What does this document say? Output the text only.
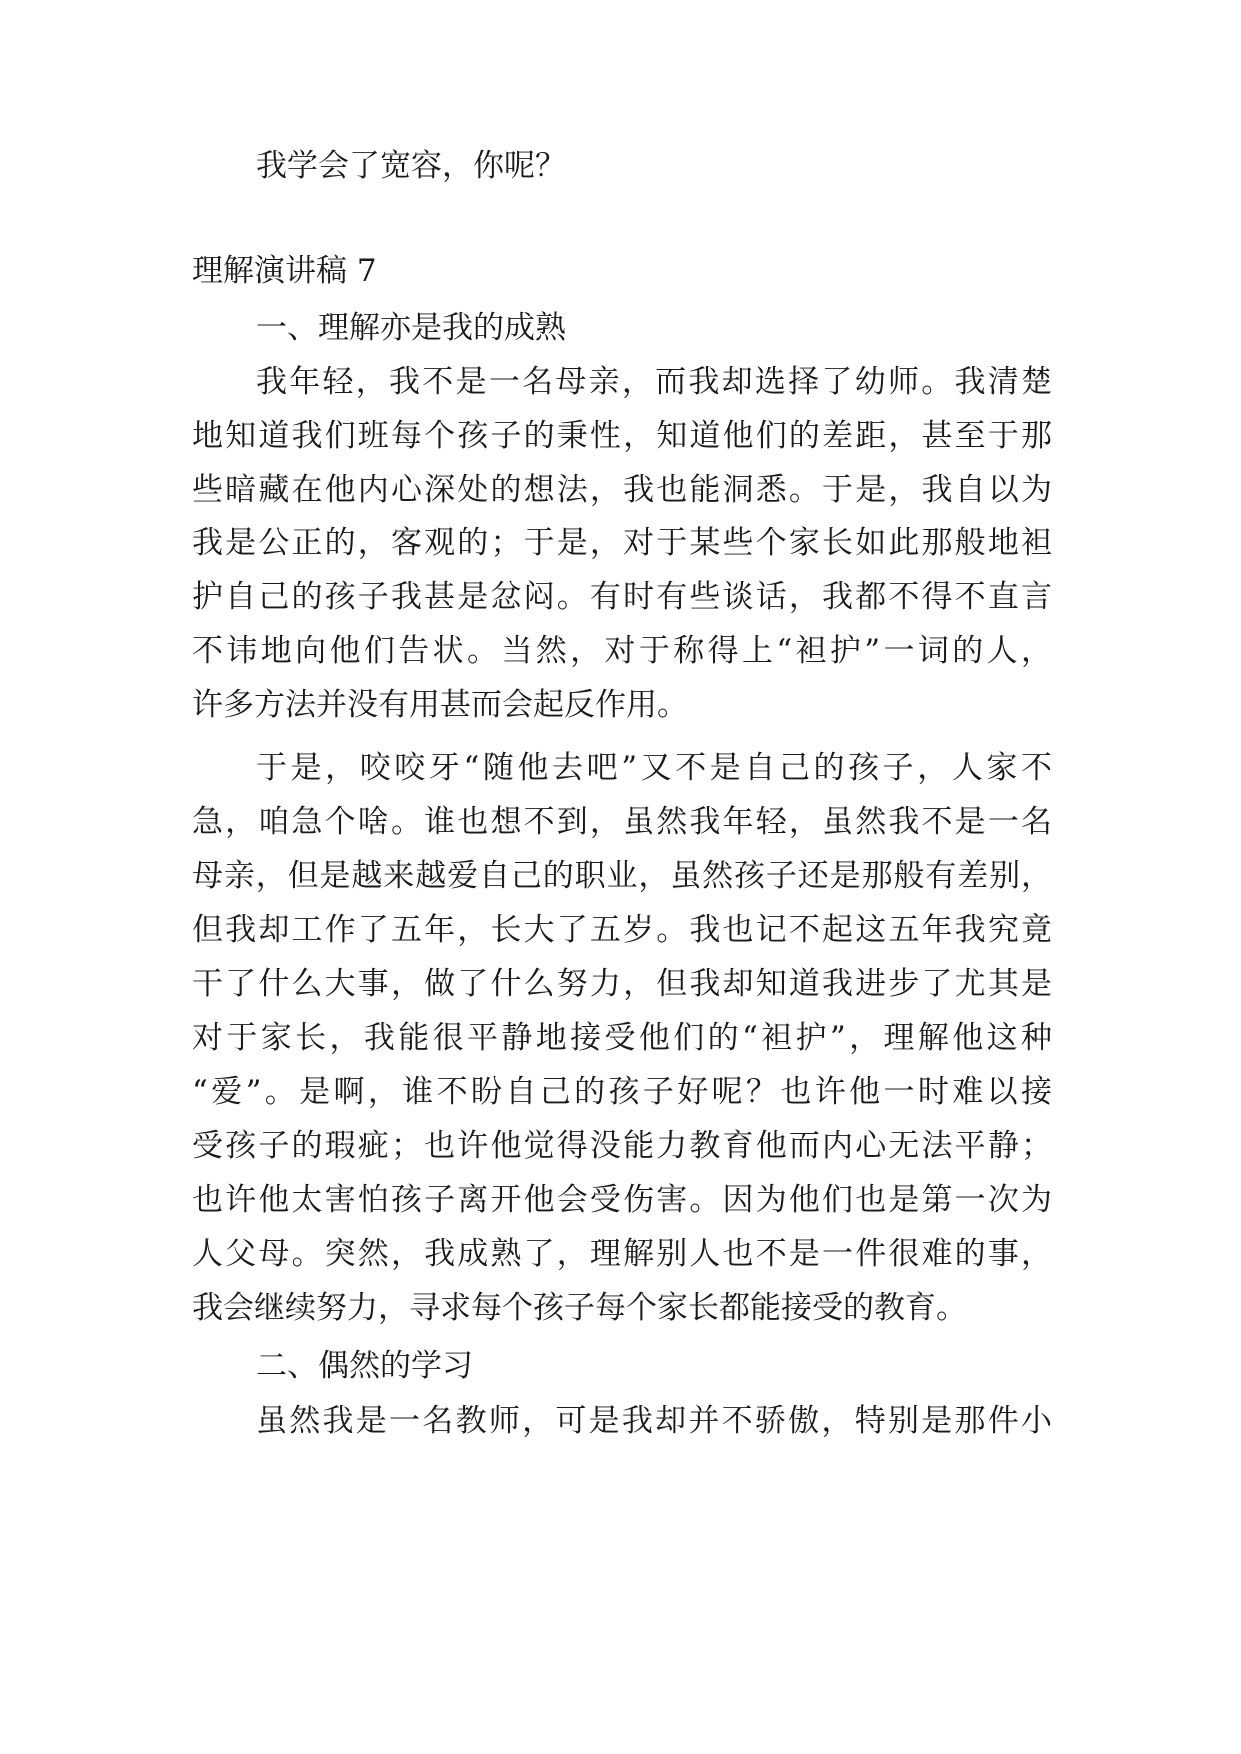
我学会了宽容，你呢？
理解演讲稿 7
一、理解亦是我的成熟
我年轻，我不是一名母亲，而我却选择了幼师。我清楚
地知道我们班每个孩子的秉性，知道他们的差距，甚至于那
些暗藏在他内心深处的想法，我也能洞悉。于是，我自以为
我是公正的，客观的；于是，对于某些个家长如此那般地袒
护自己的孩子我甚是忿闷。有时有些谈话，我都不得不直言
不讳地向他们告状。当然，对于称得上“袒护”一词的人，
许多方法并没有用甚而会起反作用。
于是，咬咬牙“随他去吧”又不是自己的孩子，人家不
急，咱急个啥。谁也想不到，虽然我年轻，虽然我不是一名
母亲，但是越来越爱自己的职业，虽然孩子还是那般有差别，
但我却工作了五年，长大了五岁。我也记不起这五年我究竟
干了什么大事，做了什么努力，但我却知道我进步了尤其是
对于家长，我能很平静地接受他们的“袒护”，理解他这种
“爱”。是啊，谁不盼自己的孩子好呢？也许他一时难以接
受孩子的瑕疵；也许他觉得没能力教育他而内心无法平静；
也许他太害怕孩子离开他会受伤害。因为他们也是第一次为
人父母。突然，我成熟了，理解别人也不是一件很难的事，
我会继续努力，寻求每个孩子每个家长都能接受的教育。
二、偶然的学习
虽然我是一名教师，可是我却并不骄傲，特别是那件小
